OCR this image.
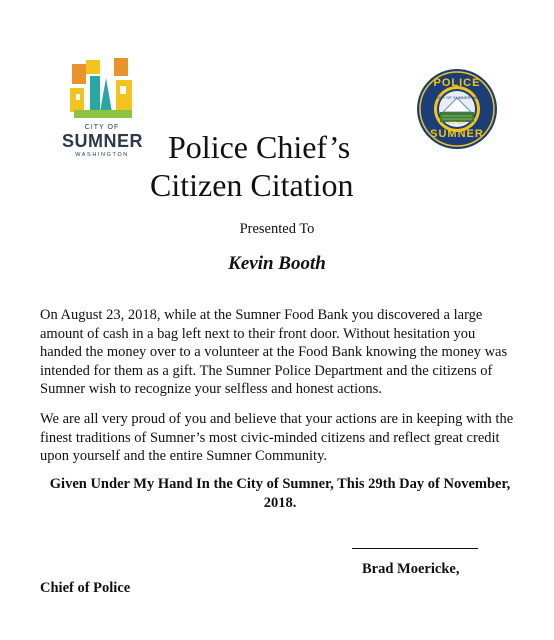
CITY OF
SUMNER
WASHINGTON
POLICE
CITY OF SUMNER WA
EST 1891
SUMNER
Police Chief’s
Citizen Citation
Presented To
Kevin Booth

On August 23, 2018, while at the Sumner Food Bank you discovered a large amount of cash in a bag left next to their front door. Without hesitation you handed the money over to a volunteer at the Food Bank knowing the money was intended for them as a gift. The Sumner Police Department and the citizens of Sumner wish to recognize your selfless and honest actions.

We are all very proud of you and believe that your actions are in keeping with the finest traditions of Sumner’s most civic-minded citizens and reflect great credit upon yourself and the entire Sumner Community.

Given Under My Hand In the City of Sumner, This 29th Day of November, 2018.

Brad Moericke,
Chief of Police
